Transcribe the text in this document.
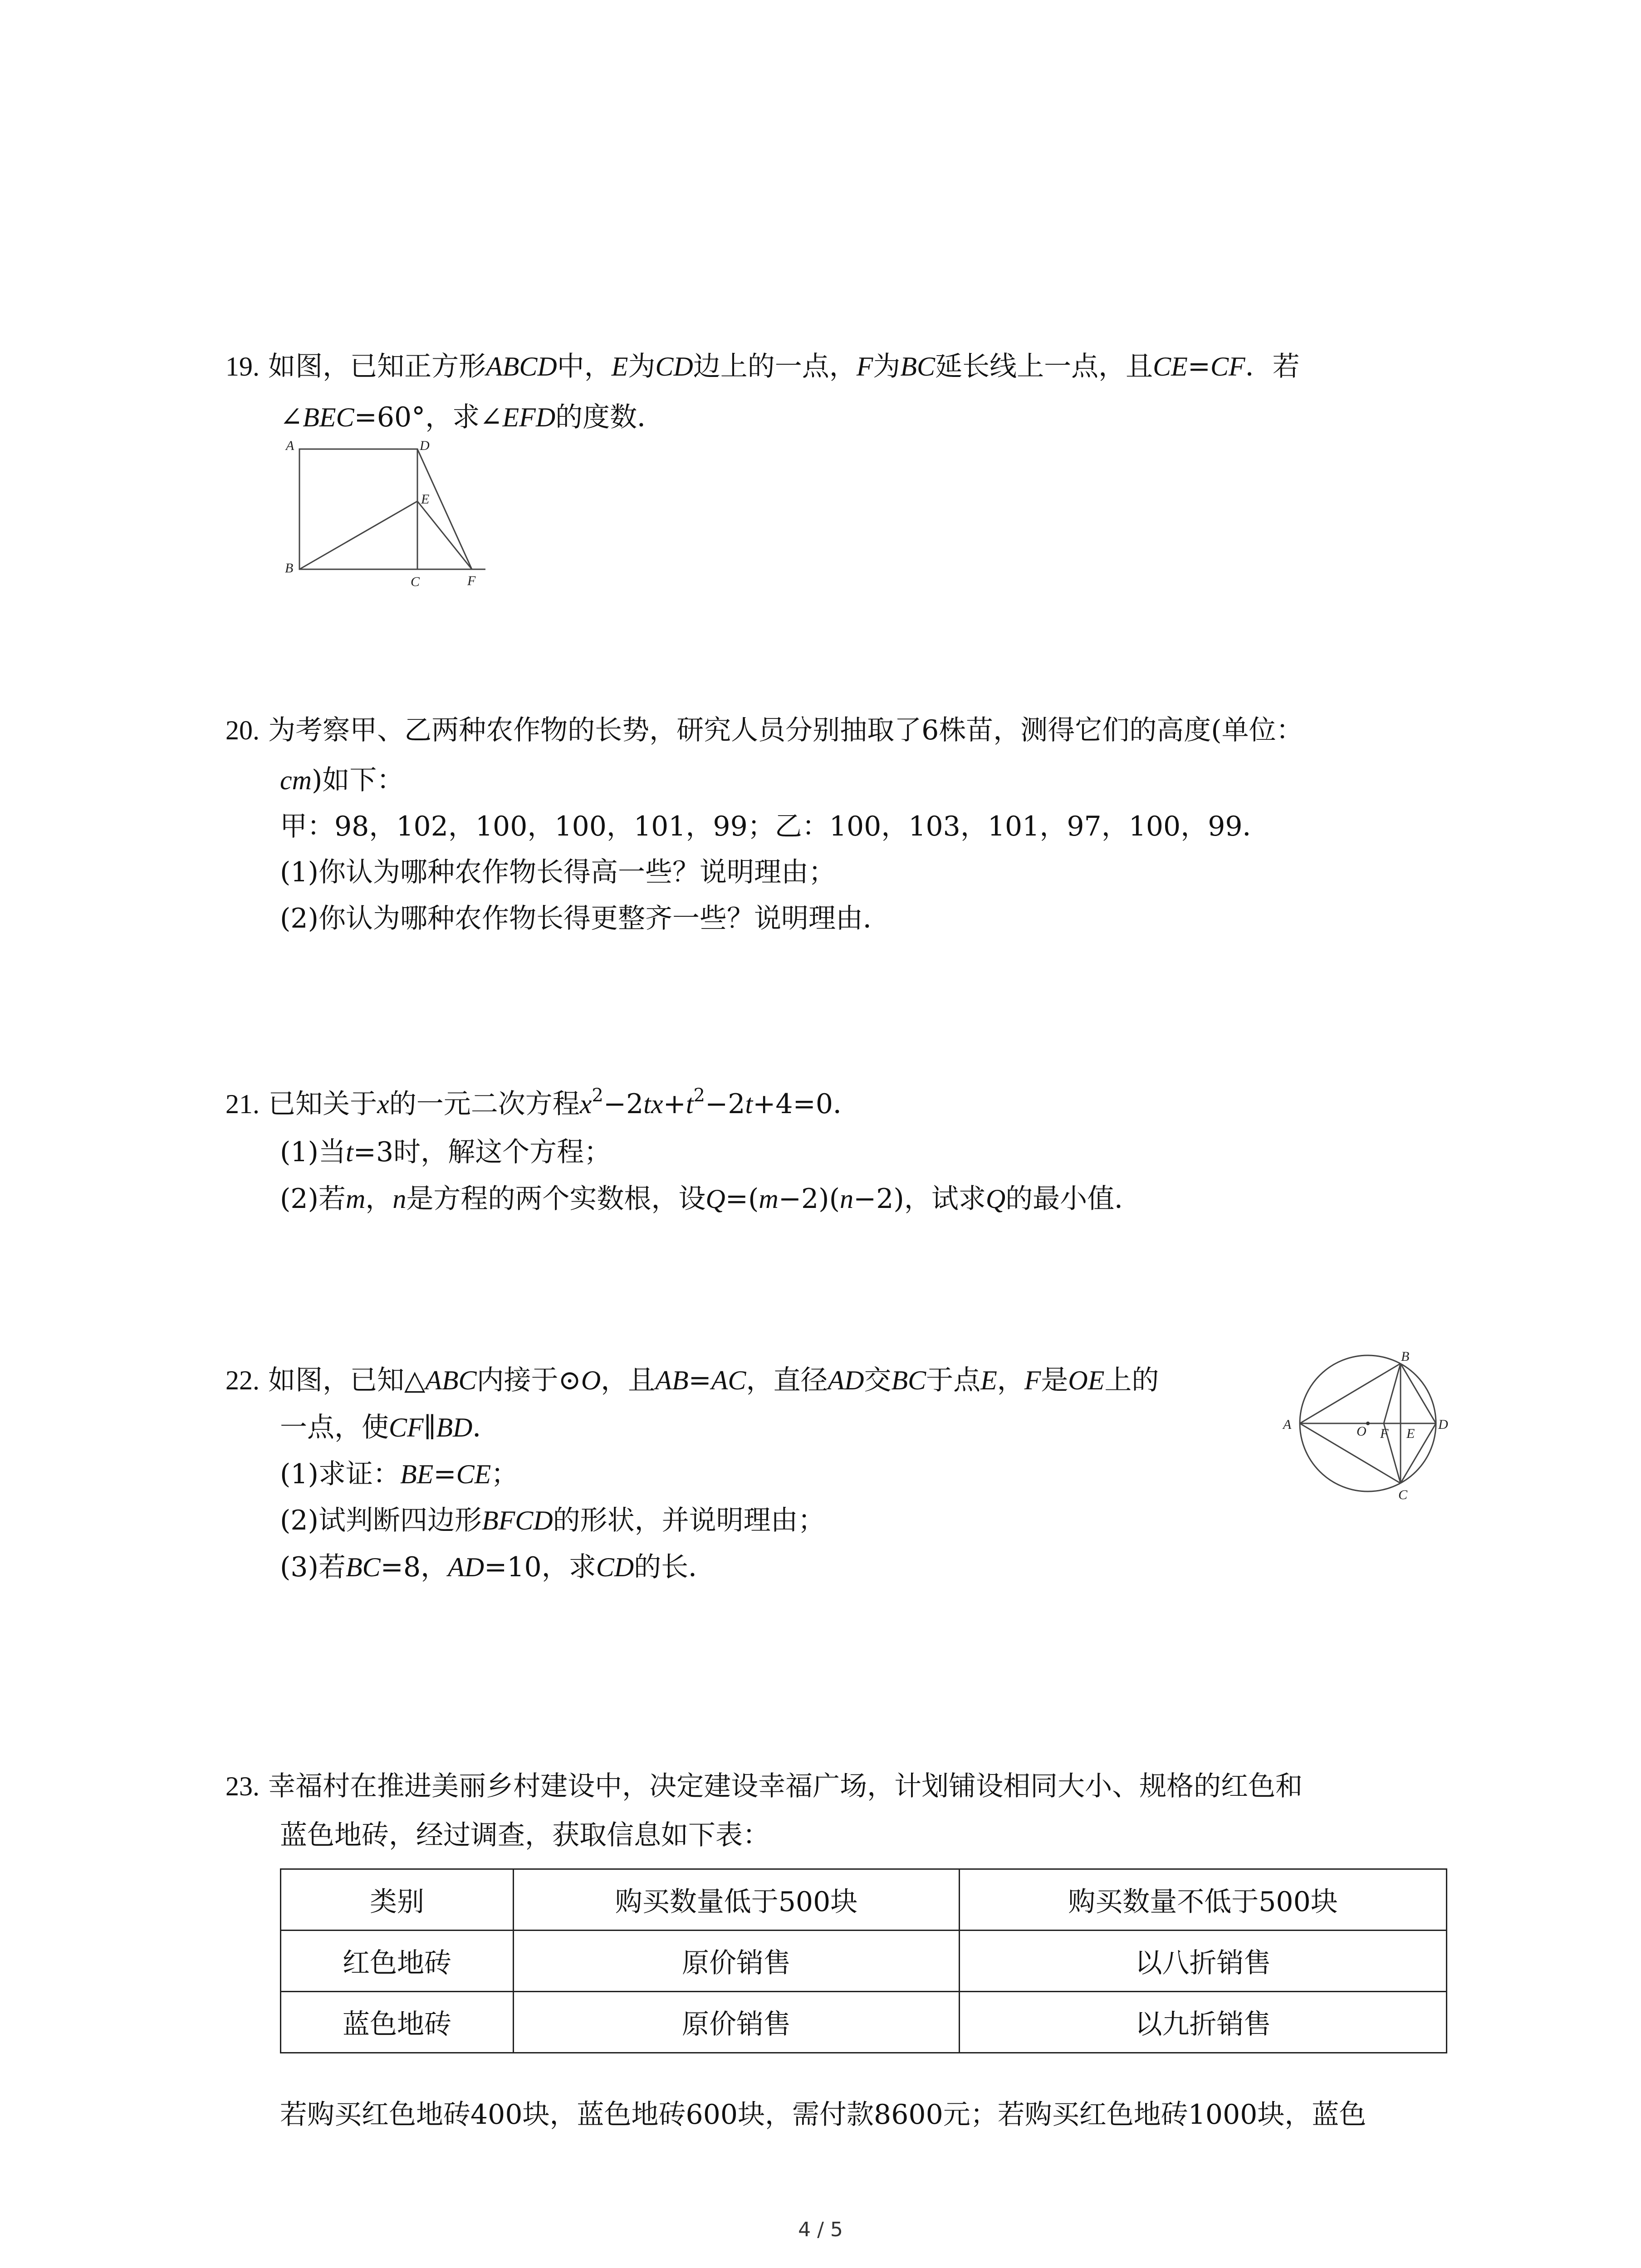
19. 如图，已知正方形ABCD中，E为CD边上的一点，F为BC延长线上一点，且CE=CF．若

∠BEC=60°，求∠EFD的度数．

A	D
E
B
C	F

20. 为考察甲、乙两种农作物的长势，研究人员分别抽取了6株苗，测得它们的高度(单位：

cm)如下：

甲：98，102，100，100，101，99；乙：100，103，101，97，100，99．

(1)你认为哪种农作物长得高一些？说明理由；

(2)你认为哪种农作物长得更整齐一些？说明理由．

21. 已知关于x的一元二次方程$x^2-2tx+t^2-2t+4=0$．

(1)当t=3时，解这个方程；

(2)若m，n是方程的两个实数根，设Q=(m−2)(n−2)，试求Q的最小值．

22. 如图，已知△ABC内接于⊙O，且AB=AC，直径AD交BC于点E，F是OE上的

一点，使CF∥BD．

(1)求证：BE=CE；

(2)试判断四边形BFCD的形状，并说明理由；

(3)若BC=8，AD=10，求CD的长．

B
A	O F E
D
C

23. 幸福村在推进美丽乡村建设中，决定建设幸福广场，计划铺设相同大小、规格的红色和

蓝色地砖，经过调查，获取信息如下表：

类别	购买数量低于500块	购买数量不低于500块
红色地砖	原价销售	以八折销售
蓝色地砖	原价销售	以九折销售

若购买红色地砖400块，蓝色地砖600块，需付款8600元；若购买红色地砖1000块，蓝色

4 / 5
